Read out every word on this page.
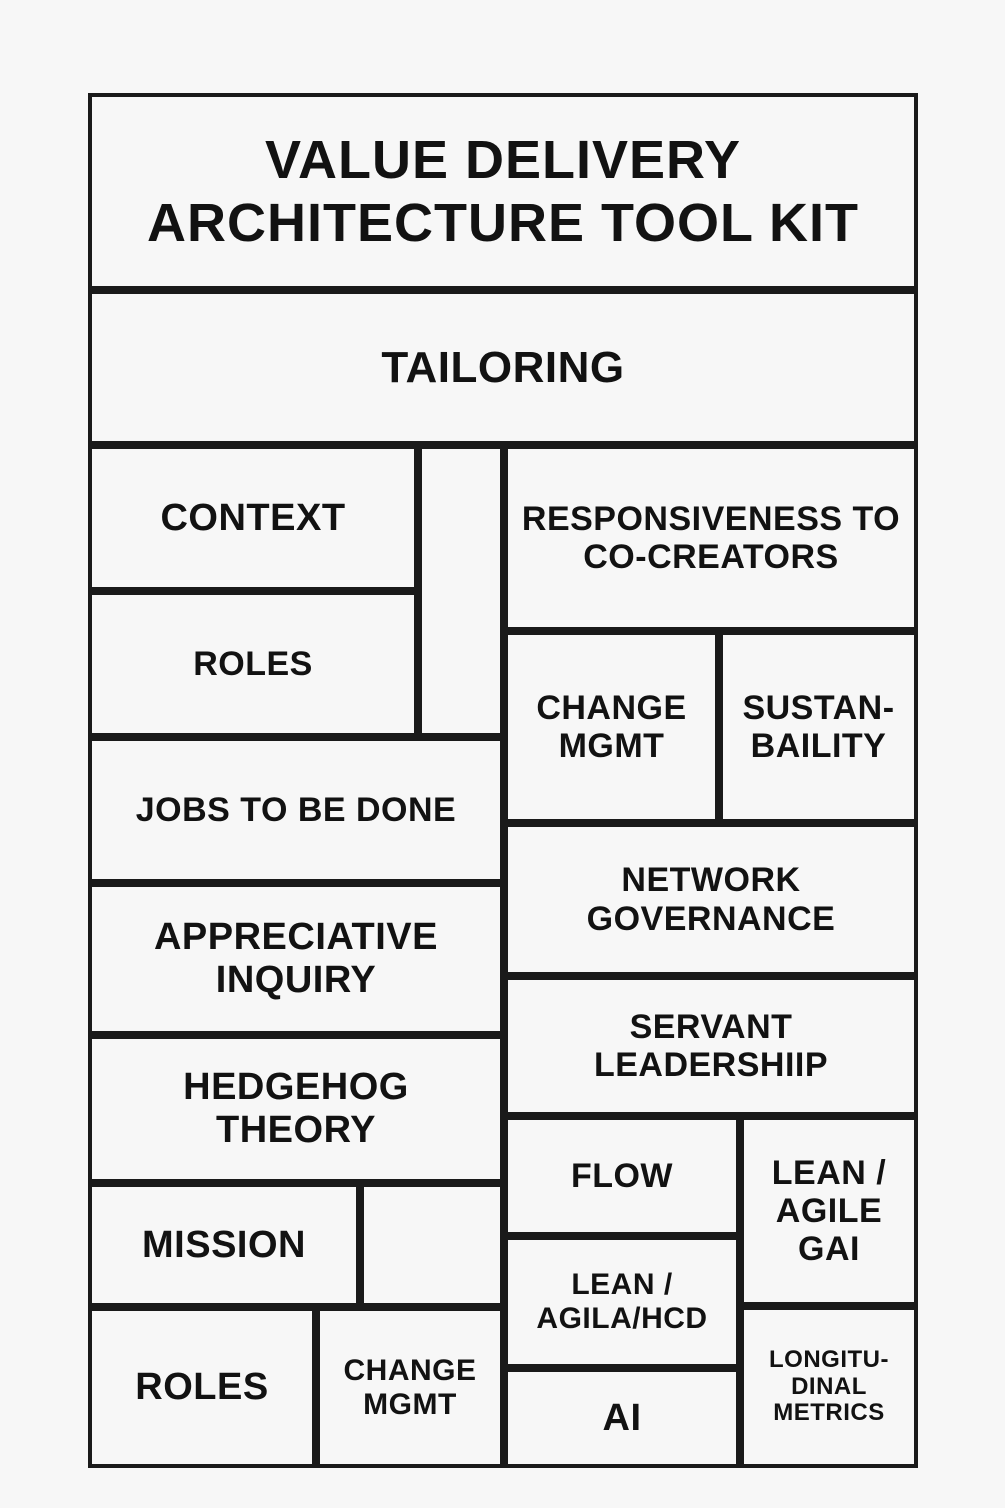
VALUE DELIVERY ARCHITECTURE TOOL KIT
TAILORING
CONTEXT
ROLES
JOBS TO BE DONE
APPRECIATIVE INQUIRY
HEDGEHOG THEORY
MISSION
ROLES	CHANGE MGMT
RESPONSIVENESS TO CO-CREATORS
CHANGE MGMT
SUSTAN-BAILITY
NETWORK GOVERNANCE
SERVANT LEADERSHIIP
FLOW	LEAN / AGILE GAI
LEAN / AGILA/HCD
AI
LONGITU-DINAL METRICS
